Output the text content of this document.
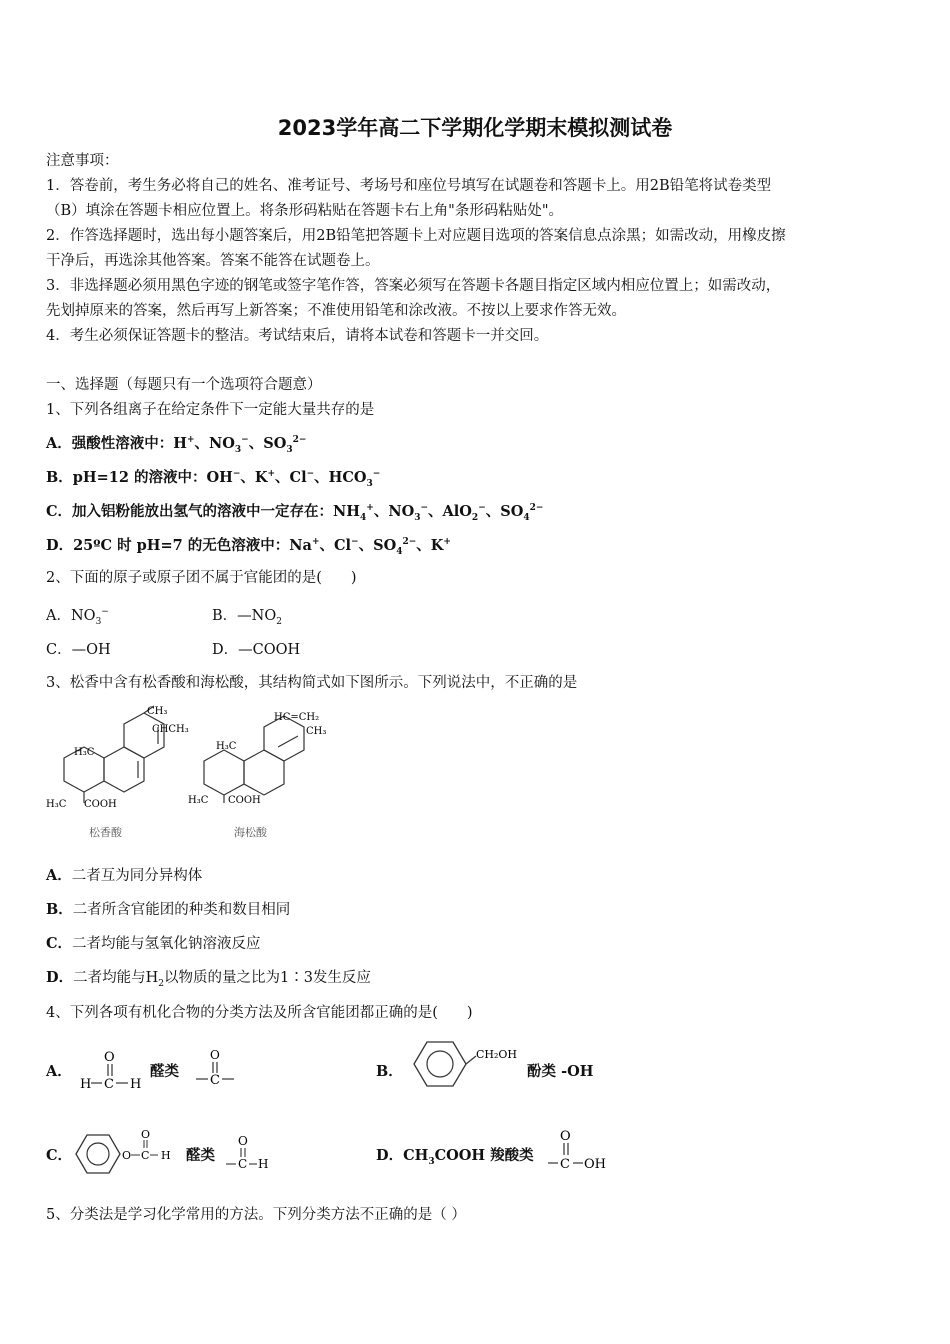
2023学年高二下学期化学期末模拟测试卷
注意事项：
1．答卷前，考生务必将自己的姓名、准考证号、考场号和座位号填写在试题卷和答题卡上。用2B铅笔将试卷类型
（B）填涂在答题卡相应位置上。将条形码粘贴在答题卡右上角"条形码粘贴处"。
2．作答选择题时，选出每小题答案后，用2B铅笔把答题卡上对应题目选项的答案信息点涂黑；如需改动，用橡皮擦
干净后，再选涂其他答案。答案不能答在试题卷上。
3．非选择题必须用黑色字迹的钢笔或签字笔作答，答案必须写在答题卡各题目指定区域内相应位置上；如需改动，
先划掉原来的答案，然后再写上新答案；不准使用铅笔和涂改液。不按以上要求作答无效。
4．考生必须保证答题卡的整洁。考试结束后，请将本试卷和答题卡一并交回。
一、选择题（每题只有一个选项符合题意）
1、下列各组离子在给定条件下一定能大量共存的是
A．强酸性溶液中：H+、$NO_3^-$、$SO_3^{2-}$
B．pH=12 的溶液中：OH−、K+、Cl−、$HCO_3^-$
C．加入铝粉能放出氢气的溶液中一定存在：$NH_4^+$、$NO_3^-$、AlO$_2$−、$SO_4^{2-}$
D．25ºC 时 pH=7 的无色溶液中：Na+、Cl−、$SO_4^{2-}$、K+
2、下面的原子或原子团不属于官能团的是(　　)
A．$NO_3^-$	B．$—NO_2$
C．—OH	D．—COOH
3、松香中含有松香酸和海松酸，其结构简式如下图所示。下列说法中，不正确的是
CH₃
CHCH₃
H₃C
H₃C COOH
松香酸
HC=CH₂
CH₃
H₃C
H₃C COOH
海松酸
A．二者互为同分异构体
B．二者所含官能团的种类和数目相同
C．二者均能与氢氧化钠溶液反应
D．二者均能与$H_2$以物质的量之比为1∶3发生反应
4、下列各项有机化合物的分类方法及所含官能团都正确的是(　　)
A．
H C H
O
醛类
O
C
B．
CH₂OH
酚类 -OH
C．	O C
O
H 醛类
O
C H	D．$CH_3COOH$ 羧酸类
O
C OH
5、分类法是学习化学常用的方法。下列分类方法不正确的是（ ）
